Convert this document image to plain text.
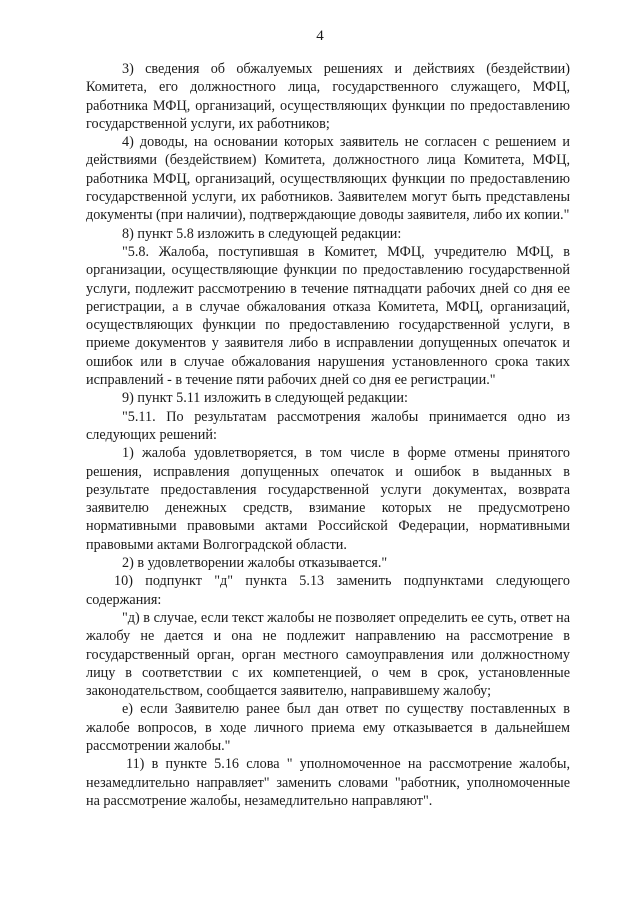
4

3) сведения об обжалуемых решениях и действиях (бездействии) Комитета, его должностного лица, государственного служащего, МФЦ, работника МФЦ, организаций, осуществляющих функции по предоставлению государственной услуги, их работников;

4) доводы, на основании которых заявитель не согласен с решением и действиями (бездействием) Комитета, должностного лица Комитета, МФЦ, работника МФЦ, организаций, осуществляющих функции по предоставлению государственной услуги, их работников. Заявителем могут быть представлены документы (при наличии), подтверждающие доводы заявителя, либо их копии."

8) пункт 5.8 изложить в следующей редакции:

"5.8. Жалоба, поступившая в Комитет, МФЦ, учредителю МФЦ, в организации, осуществляющие функции по предоставлению государственной услуги, подлежит рассмотрению в течение пятнадцати рабочих дней со дня ее регистрации, а в случае обжалования отказа Комитета, МФЦ, организаций, осуществляющих функции по предоставлению государственной услуги, в приеме документов у заявителя либо в исправлении допущенных опечаток и ошибок или в случае обжалования нарушения установленного срока таких исправлений - в течение пяти рабочих дней со дня ее регистрации."

9) пункт 5.11 изложить в следующей редакции:

"5.11. По результатам рассмотрения жалобы принимается одно из следующих решений:

1) жалоба удовлетворяется, в том числе в форме отмены принятого решения, исправления допущенных опечаток и ошибок в выданных в результате предоставления государственной услуги документах, возврата заявителю денежных средств, взимание которых не предусмотрено нормативными правовыми актами Российской Федерации, нормативными правовыми актами Волгоградской области.

2) в удовлетворении жалобы отказывается."

10) подпункт "д" пункта 5.13 заменить подпунктами следующего содержания:

"д) в случае, если текст жалобы не позволяет определить ее суть, ответ на жалобу не дается и она не подлежит направлению на рассмотрение в государственный орган, орган местного самоуправления или должностному лицу в соответствии с их компетенцией, о чем в срок, установленные законодательством, сообщается заявителю, направившему жалобу;

е) если Заявителю ранее был дан ответ по существу поставленных в жалобе вопросов, в ходе личного приема ему отказывается в дальнейшем рассмотрении жалобы."

11) в пункте 5.16 слова " уполномоченное на рассмотрение жалобы, незамедлительно направляет" заменить словами "работник, уполномоченные на рассмотрение жалобы, незамедлительно направляют".
